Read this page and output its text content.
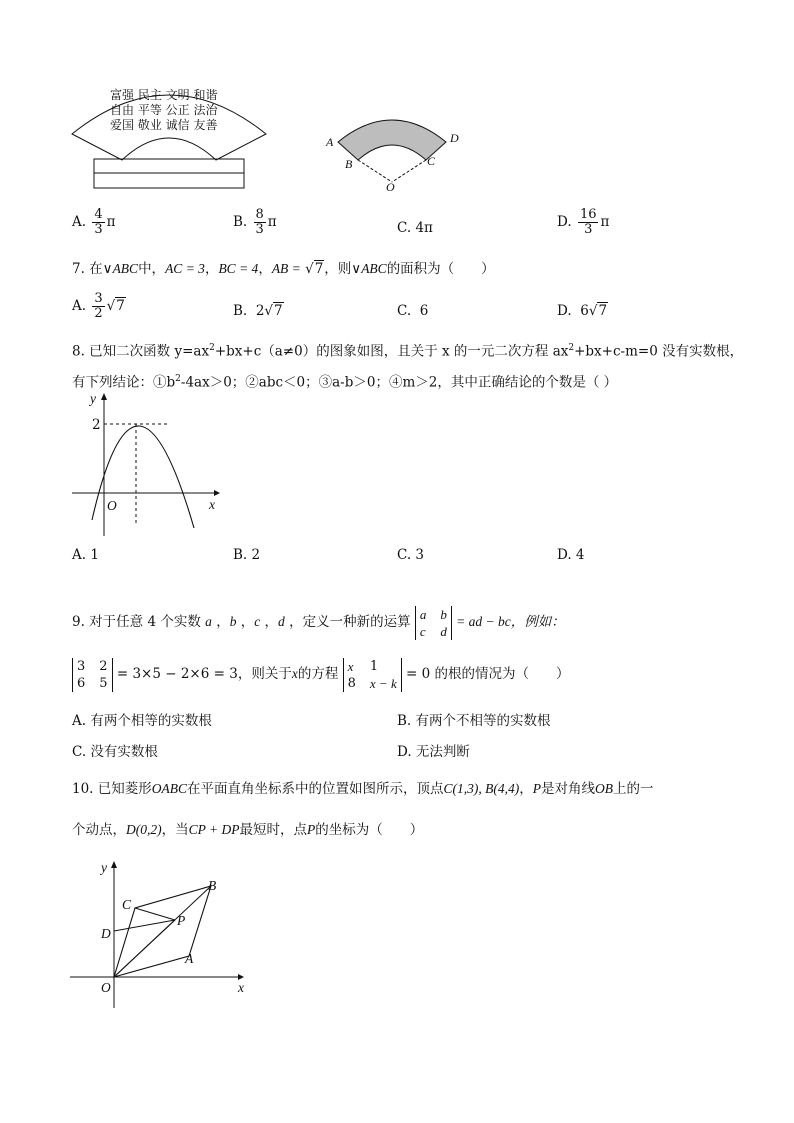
富强 民主 文明 和谐
自由 平等 公正 法治
爱国 敬业 诚信 友善
A
B	C
D
O
A. $\frac{4}{3}$ π	B. $\frac{8}{3}$ π	C. 4π	D. $\frac{16}{3}$ π
7. 在∨ABC中，AC = 3，BC = 4，AB = √7，则∨ABC的面积为（　　）
A. $\frac{3}{2} √7$	B. 2√7	C. 6	D. 6√7
8. 已知二次函数 $y=ax^2+bx+c(a\ne 0)$的图象如图，且关于 x 的一元二次方程 $ax^2+bx+c-m=0$ 没有实数根，
有下列结论：$①b^2-4ax>0$；②abc＜0；③a-b＞0；④m＞2，其中正确结论的个数是（ ）
y
2
O	x
A. 1	B. 2	C. 3	D. 4
9. 对于任意 4 个实数 a ，b ，c ，d ，定义一种新的运算 a b
c d
= ad − bc，例如：
3 2
6 5
= 3×5 − 2×6 = 3，则关于x的方程 x 1
8 x − k
= 0 的根的情况为（　　）
A. 有两个相等的实数根	B. 有两个不相等的实数根
C. 没有实数根	D. 无法判断
10. 已知菱形OABC在平面直角坐标系中的位置如图所示，顶点C(1,3), B(4,4)，P是对角线OB上的一
个动点，D(0,2)，当CP + DP最短时，点P的坐标为（　　）
y
B
C
P
D
A
O	x
